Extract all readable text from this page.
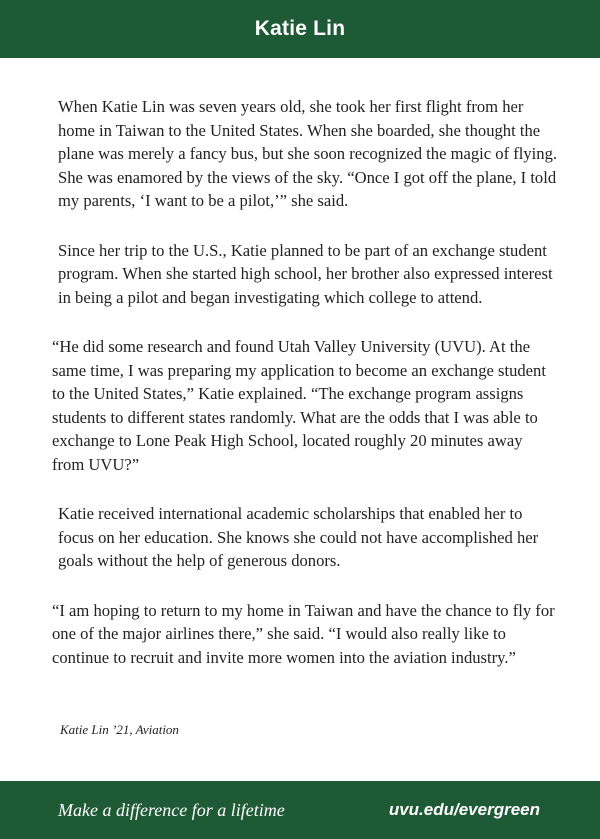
Katie Lin

When Katie Lin was seven years old, she took her first flight from her home in Taiwan to the United States. When she boarded, she thought the plane was merely a fancy bus, but she soon recognized the magic of flying. She was enamored by the views of the sky. “Once I got off the plane, I told my parents, ‘I want to be a pilot,’” she said.

Since her trip to the U.S., Katie planned to be part of an exchange student program. When she started high school, her brother also expressed interest in being a pilot and began investigating which college to attend.

“He did some research and found Utah Valley University (UVU). At the same time, I was preparing my application to become an exchange student to the United States,” Katie explained. “The exchange program assigns students to different states randomly. What are the odds that I was able to exchange to Lone Peak High School, located roughly 20 minutes away from UVU?”

Katie received international academic scholarships that enabled her to focus on her education. She knows she could not have accomplished her goals without the help of generous donors.

“I am hoping to return to my home in Taiwan and have the chance to fly for one of the major airlines there,” she said. “I would also really like to continue to recruit and invite more women into the aviation industry.”

Katie Lin ’21, Aviation
Make a difference for a lifetime	uvu.edu/evergreen
